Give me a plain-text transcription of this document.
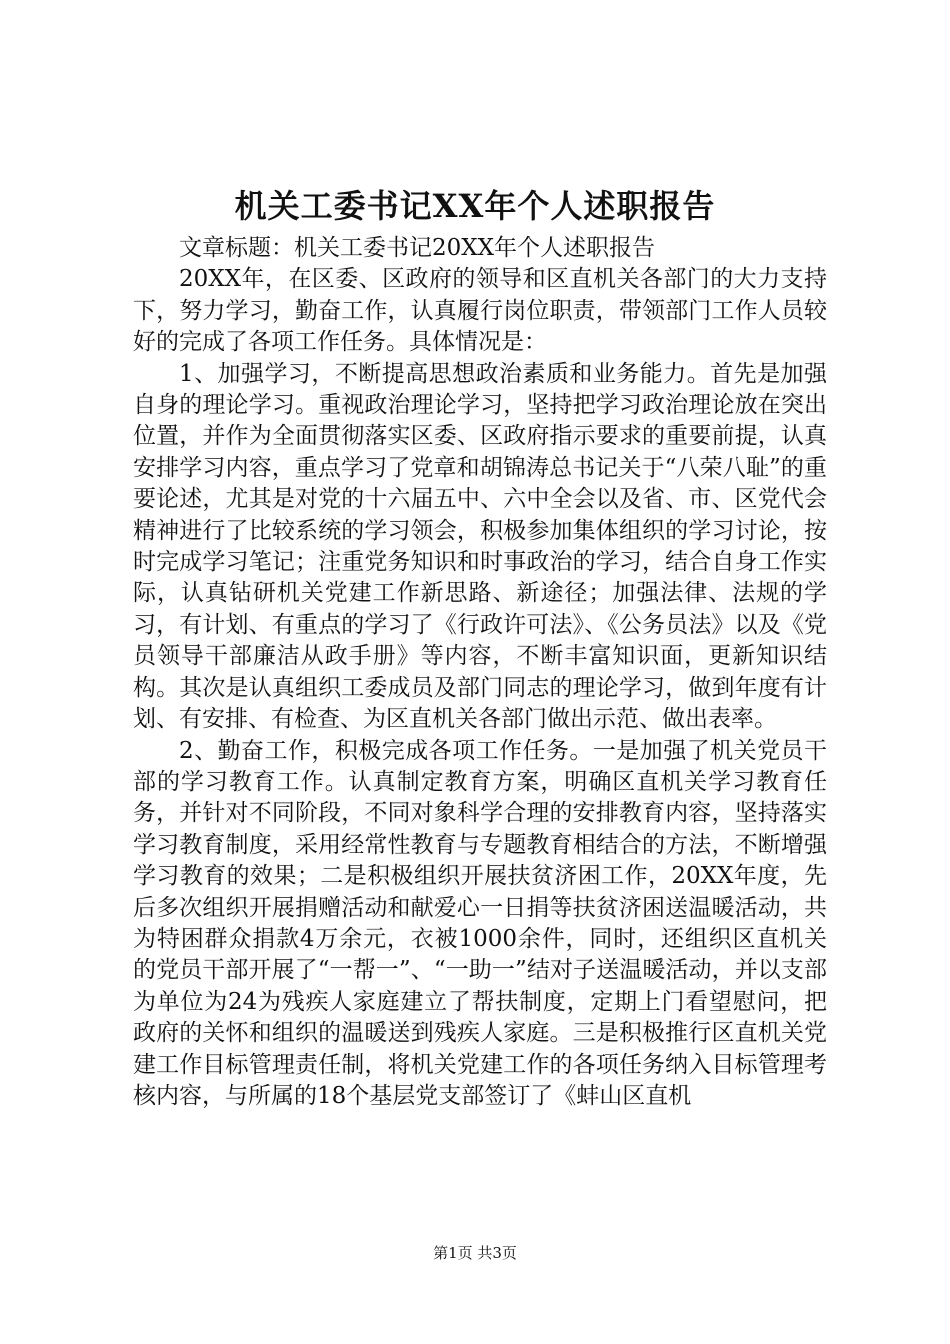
机关工委书记XX年个人述职报告

文章标题：机关工委书记20XX年个人述职报告

20XX年，在区委、区政府的领导和区直机关各部门的大力支持下，努力学习，勤奋工作，认真履行岗位职责，带领部门工作人员较好的完成了各项工作任务。具体情况是：

1、加强学习，不断提高思想政治素质和业务能力。首先是加强自身的理论学习。重视政治理论学习，坚持把学习政治理论放在突出位置，并作为全面贯彻落实区委、区政府指示要求的重要前提，认真安排学习内容，重点学习了党章和胡锦涛总书记关于“八荣八耻”的重要论述，尤其是对党的十六届五中、六中全会以及省、市、区党代会精神进行了比较系统的学习领会，积极参加集体组织的学习讨论，按时完成学习笔记；注重党务知识和时事政治的学习，结合自身工作实际，认真钻研机关党建工作新思路、新途径；加强法律、法规的学习，有计划、有重点的学习了《行政许可法》、《公务员法》以及《党员领导干部廉洁从政手册》等内容，不断丰富知识面，更新知识结构。其次是认真组织工委成员及部门同志的理论学习，做到年度有计划、有安排、有检查、为区直机关各部门做出示范、做出表率。

2、勤奋工作，积极完成各项工作任务。一是加强了机关党员干部的学习教育工作。认真制定教育方案，明确区直机关学习教育任务，并针对不同阶段，不同对象科学合理的安排教育内容，坚持落实学习教育制度，采用经常性教育与专题教育相结合的方法，不断增强学习教育的效果；二是积极组织开展扶贫济困工作，20XX年度，先后多次组织开展捐赠活动和献爱心一日捐等扶贫济困送温暖活动，共为特困群众捐款4万余元，衣被1000余件，同时，还组织区直机关的党员干部开展了“一帮一”、“一助一”结对子送温暖活动，并以支部为单位为24为残疾人家庭建立了帮扶制度，定期上门看望慰问，把政府的关怀和组织的温暖送到残疾人家庭。三是积极推行区直机关党建工作目标管理责任制，将机关党建工作的各项任务纳入目标管理考核内容，与所属的18个基层党支部签订了《蚌山区直机

第1页 共3页
